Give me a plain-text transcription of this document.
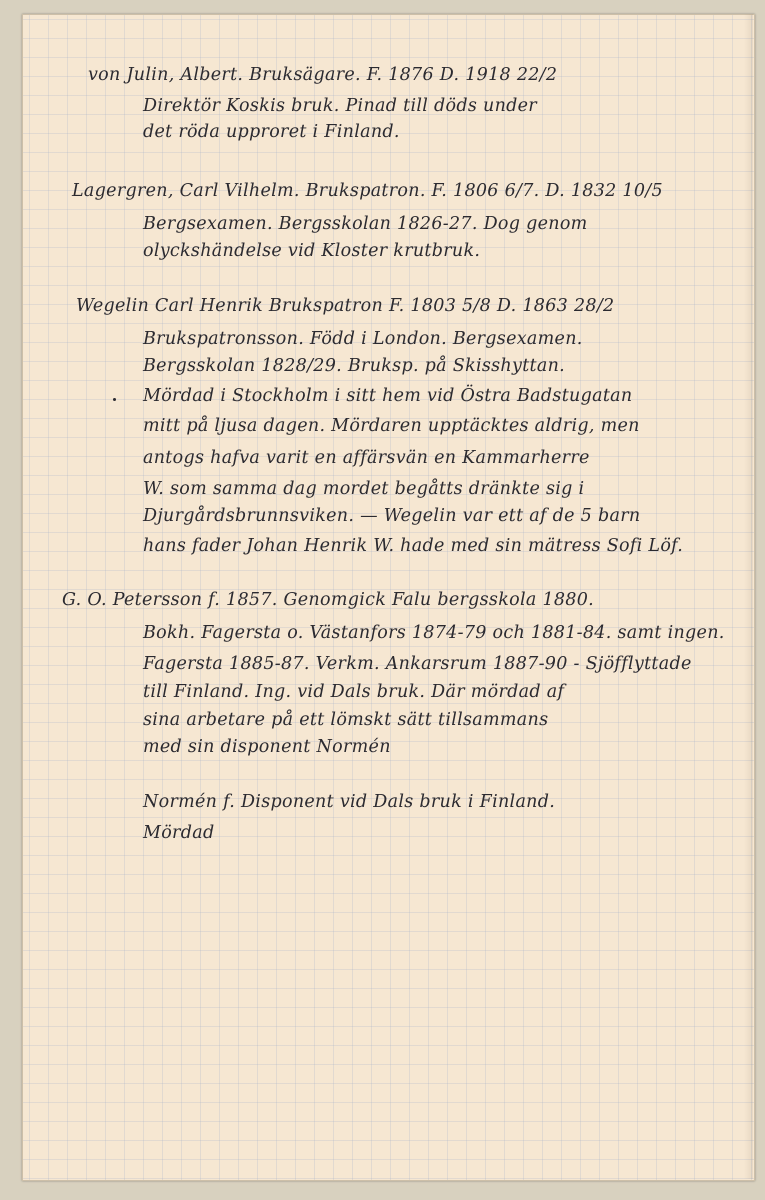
von Julin, Albert. Bruksägare. F. 1876 D. 1918 22/2
Direktör Koskis bruk. Pinad till döds under
det röda upproret i Finland.
Lagergren, Carl Vilhelm. Brukspatron. F. 1806 6/7. D. 1832 10/5
Bergsexamen. Bergsskolan 1826-27. Dog genom
olyckshändelse vid Kloster krutbruk.
Wegelin Carl Henrik Brukspatron F. 1803 5/8 D. 1863 28/2
Brukspatronsson. Född i London. Bergsexamen.
Bergsskolan 1828/29. Bruksp. på Skisshyttan.
Mördad i Stockholm i sitt hem vid Östra Badstugatan
mitt på ljusa dagen. Mördaren upptäcktes aldrig, men
antogs hafva varit en affärsvän en Kammarherre
W. som samma dag mordet begåtts dränkte sig i
Djurgårdsbrunnsviken. — Wegelin var ett af de 5 barn
hans fader Johan Henrik W. hade med sin mätress Sofi Löf.
G. O. Petersson f. 1857. Genomgick Falu bergsskola 1880.
Bokh. Fagersta o. Västanfors 1874-79 och 1881-84. samt ingen.
Fagersta 1885-87. Verkm. Ankarsrum 1887-90 - Sjöfflyttade
till Finland. Ing. vid Dals bruk. Där mördad af
sina arbetare på ett lömskt sätt tillsammans
med sin disponent Normén
Normén f. Disponent vid Dals bruk i Finland.
Mördad
